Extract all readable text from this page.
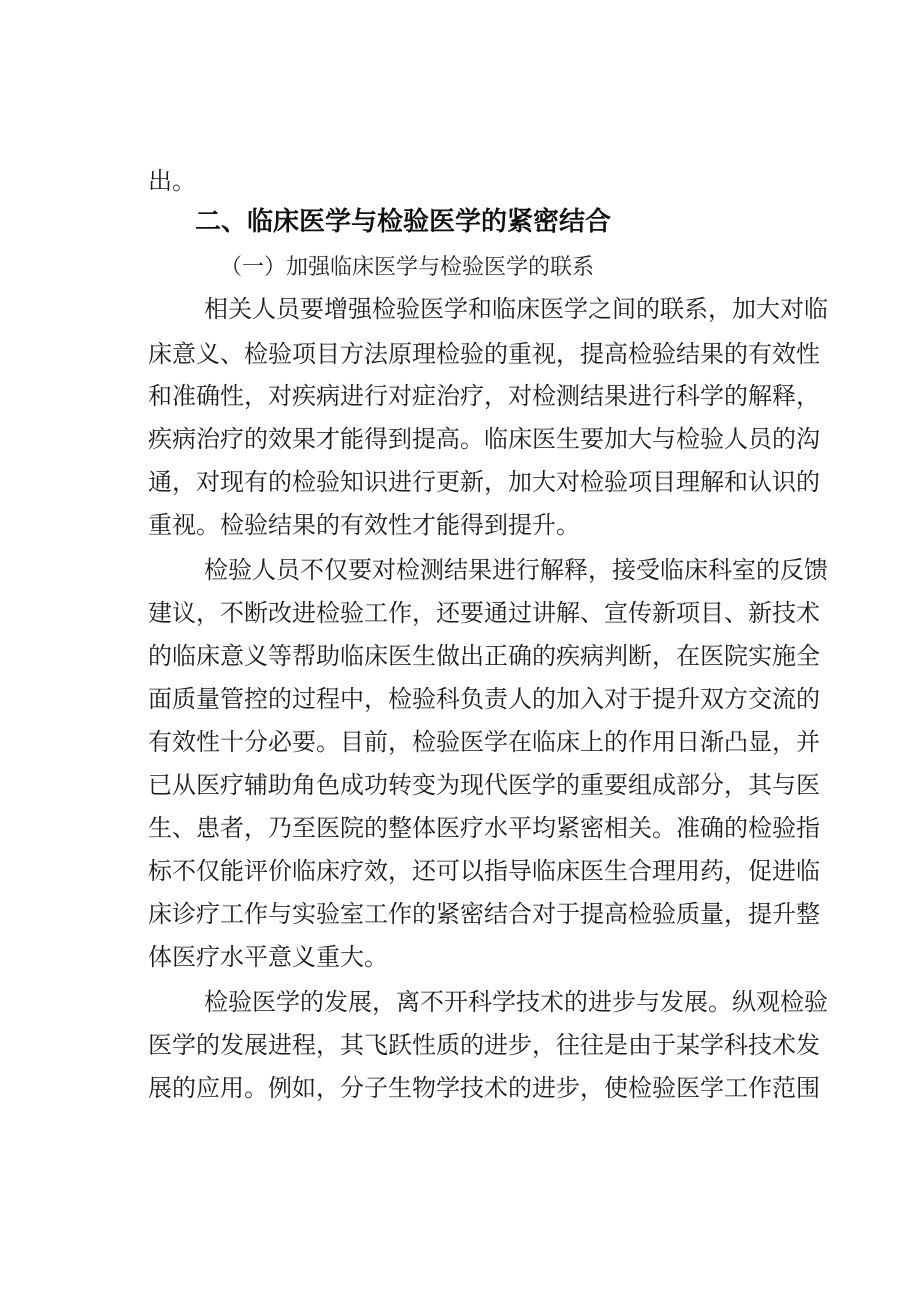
出。
二、临床医学与检验医学的紧密结合
（一）加强临床医学与检验医学的联系
相关人员要增强检验医学和临床医学之间的联系，加大对临
床意义、检验项目方法原理检验的重视，提高检验结果的有效性
和准确性，对疾病进行对症治疗，对检测结果进行科学的解释，
疾病治疗的效果才能得到提高。临床医生要加大与检验人员的沟
通，对现有的检验知识进行更新，加大对检验项目理解和认识的
重视。检验结果的有效性才能得到提升。
检验人员不仅要对检测结果进行解释，接受临床科室的反馈
建议，不断改进检验工作，还要通过讲解、宣传新项目、新技术
的临床意义等帮助临床医生做出正确的疾病判断，在医院实施全
面质量管控的过程中，检验科负责人的加入对于提升双方交流的
有效性十分必要。目前，检验医学在临床上的作用日渐凸显，并
已从医疗辅助角色成功转变为现代医学的重要组成部分，其与医
生、患者，乃至医院的整体医疗水平均紧密相关。准确的检验指
标不仅能评价临床疗效，还可以指导临床医生合理用药，促进临
床诊疗工作与实验室工作的紧密结合对于提高检验质量，提升整
体医疗水平意义重大。
检验医学的发展，离不开科学技术的进步与发展。纵观检验
医学的发展进程，其飞跃性质的进步，往往是由于某学科技术发
展的应用。例如，分子生物学技术的进步，使检验医学工作范围
